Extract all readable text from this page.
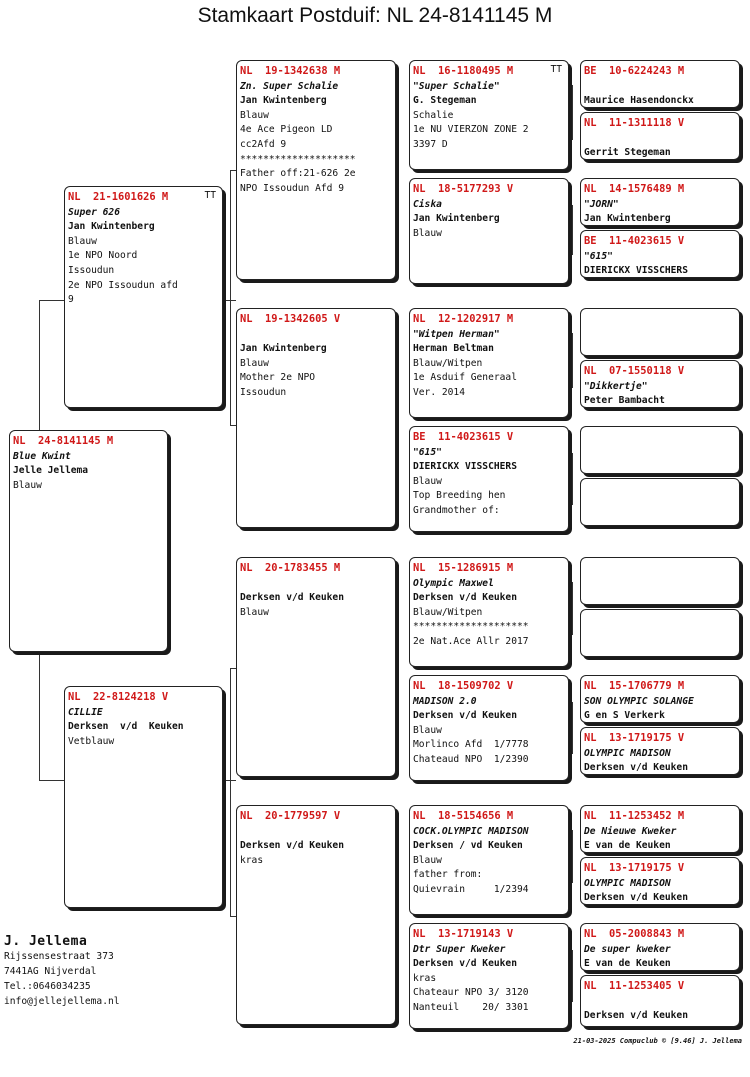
Stamkaart Postduif: NL 24-8141145 M
NL  24-8141145 M
Blue Kwint
Jelle Jellema
Blauw
TT
NL  21-1601626 M
Super 626
Jan Kwintenberg
Blauw
1e NPO Noord
Issoudun
2e NPO Issoudun afd
9
NL  22-8124218 V
CILLIE
Derksen  v/d  Keuken
Vetblauw
NL  19-1342638 M
Zn. Super Schalie
Jan Kwintenberg
Blauw
4e Ace Pigeon LD
cc2Afd 9
********************
Father off:21-626 2e
NPO Issoudun Afd 9
NL  19-1342605 V

Jan Kwintenberg
Blauw
Mother 2e NPO
Issoudun
NL  20-1783455 M

Derksen v/d Keuken
Blauw
NL  20-1779597 V

Derksen v/d Keuken
kras
TT
NL  16-1180495 M
"Super Schalie"
G. Stegeman
Schalie
1e NU VIERZON ZONE 2
3397 D
NL  18-5177293 V
Ciska
Jan Kwintenberg
Blauw
NL  12-1202917 M
"Witpen Herman"
Herman Beltman
Blauw/Witpen
1e Asduif Generaal
Ver. 2014
BE  11-4023615 V
"615"
DIERICKX VISSCHERS
Blauw
Top Breeding hen
Grandmother of:
NL  15-1286915 M
Olympic Maxwel
Derksen v/d Keuken
Blauw/Witpen
********************
2e Nat.Ace Allr 2017
NL  18-1509702 V
MADISON 2.0
Derksen v/d Keuken
Blauw
Morlinco Afd  1/7778
Chateaud NPO  1/2390
NL  18-5154656 M
COCK.OLYMPIC MADISON
Derksen / vd Keuken
Blauw
father from:
Quievrain     1/2394
NL  13-1719143 V
Dtr Super Kweker
Derksen v/d Keuken
kras
Chateaur NPO 3/ 3120
Nanteuil    20/ 3301
BE  10-6224243 M

Maurice Hasendonckx
NL  11-1311118 V

Gerrit Stegeman
NL  14-1576489 M
"JORN"
Jan Kwintenberg
BE  11-4023615 V
"615"
DIERICKX VISSCHERS

NL  07-1550118 V
"Dikkertje"
Peter Bambacht

NL  15-1706779 M
SON OLYMPIC SOLANGE
G en S Verkerk
NL  13-1719175 V
OLYMPIC MADISON
Derksen v/d Keuken
NL  11-1253452 M
De Nieuwe Kweker
E van de Keuken
NL  13-1719175 V
OLYMPIC MADISON
Derksen v/d Keuken
NL  05-2008843 M
De super kweker
E van de Keuken
NL  11-1253405 V

Derksen v/d Keuken
J. Jellema
Rijssensestraat 373
7441AG Nijverdal
Tel.:0646034235
info@jellejellema.nl
21-03-2025 Compuclub © [9.46] J. Jellema
